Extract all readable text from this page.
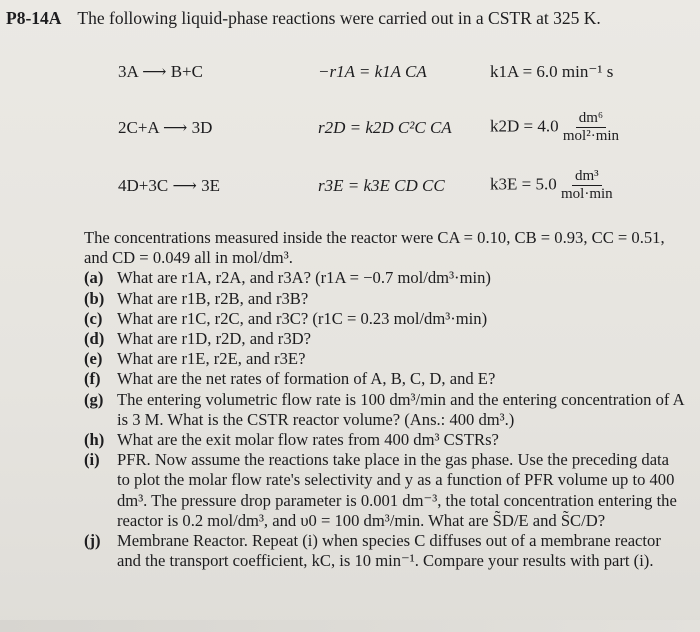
P8-14A The following liquid-phase reactions were carried out in a CSTR at 325 K.
3A ⟶ B+C	−r1A = k1A CA	k1A = 6.0 min⁻¹ s
2C+A ⟶ 3D	r2D = k2D C²C CA $k2D = 4.0 \frac{\text{dm⁶}}{\text{mol²·min}}$
4D+3C ⟶ 3E	r3E = k3E CD CC	$k3E = 5.0 \frac{\text{dm³}}{\text{mol·min}}$

The concentrations measured inside the reactor were CA = 0.10, CB = 0.93, CC = 0.51, and CD = 0.049 all in mol/dm³.

(a) What are r1A, r2A, and r3A? (r1A = −0.7 mol/dm³·min)
(b) What are r1B, r2B, and r3B?
(c) What are r1C, r2C, and r3C? (r1C = 0.23 mol/dm³·min)
(d) What are r1D, r2D, and r3D?
(e) What are r1E, r2E, and r3E?
(f) What are the net rates of formation of A, B, C, D, and E?
(g) The entering volumetric flow rate is 100 dm³/min and the entering concentration of A is 3 M. What is the CSTR reactor volume? (Ans.: 400 dm³.)
(h) What are the exit molar flow rates from 400 dm³ CSTRs?
(i)	PFR. Now assume the reactions take place in the gas phase. Use the preceding data to plot the molar flow rate's selectivity and y as a function of PFR volume up to 400 dm³. The pressure drop parameter is 0.001 dm⁻³, the total concentration entering the reactor is 0.2 mol/dm³, and υ0 = 100 dm³/min. What are S̃D/E and S̃C/D?
(j) Membrane Reactor. Repeat (i) when species C diffuses out of a membrane reactor and the transport coefficient, kC, is 10 min⁻¹. Compare your results with part (i).
